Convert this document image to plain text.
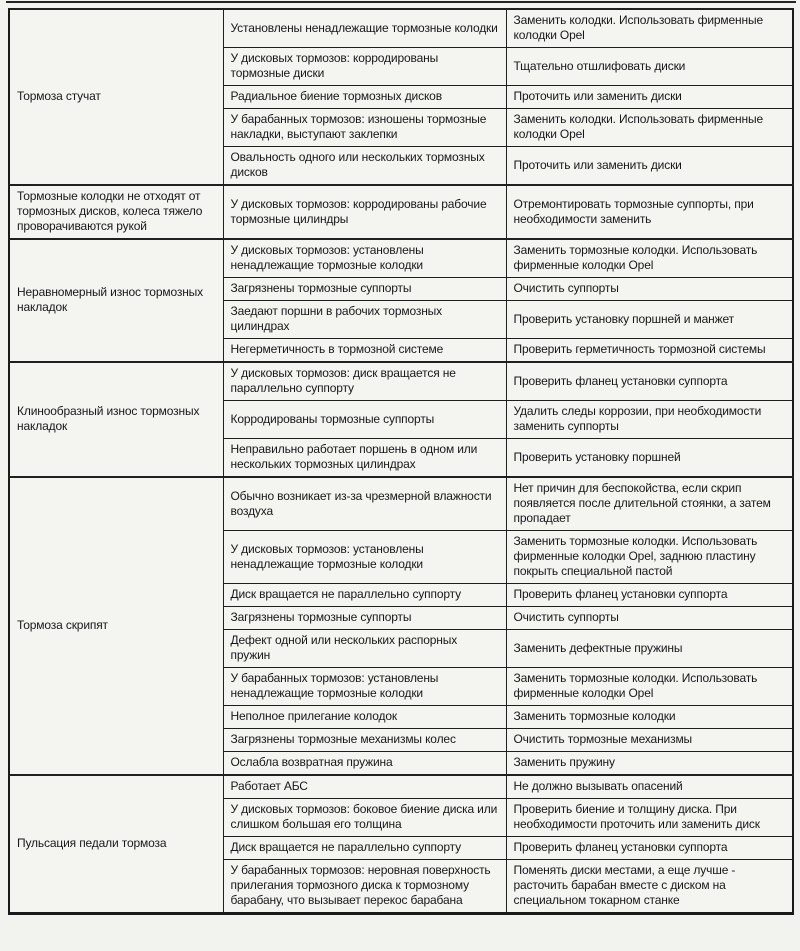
Тормоза стучат	Установлены ненадлежащие тормозные колодки	Заменить колодки. Использовать фирменные колодки Opel
	У дисковых тормозов: корродированы тормозные диски	Тщательно отшлифовать диски
	Радиальное биение тормозных дисков	Проточить или заменить диски
	У барабанных тормозов: изношены тормозные накладки, выступают заклепки	Заменить колодки. Использовать фирменные колодки Opel
	Овальность одного или нескольких тормозных дисков	Проточить или заменить диски
Тормозные колодки не отходят от тормозных дисков, колеса тяжело проворачиваются рукой	У дисковых тормозов: корродированы рабочие тормозные цилиндры	Отремонтировать тормозные суппорты, при необходимости заменить
Неравномерный износ тормозных накладок	У дисковых тормозов: установлены ненадлежащие тормозные колодки	Заменить тормозные колодки. Использовать фирменные колодки Opel
	Загрязнены тормозные суппорты	Очистить суппорты
	Заедают поршни в рабочих тормозных цилиндрах	Проверить установку поршней и манжет
	Негерметичность в тормозной системе	Проверить герметичность тормозной системы
Клинообразный износ тормозных накладок	У дисковых тормозов: диск вращается не параллельно суппорту	Проверить фланец установки суппорта
	Корродированы тормозные суппорты	Удалить следы коррозии, при необходимости заменить суппорты
	Неправильно работает поршень в одном или нескольких тормозных цилиндрах	Проверить установку поршней
Тормоза скрипят	Обычно возникает из-за чрезмерной влажности воздуха	Нет причин для беспокойства, если скрип появляется после длительной стоянки, а затем пропадает
	У дисковых тормозов: установлены ненадлежащие тормозные колодки	Заменить тормозные колодки. Использовать фирменные колодки Opel, заднюю пластину покрыть специальной пастой
	Диск вращается не параллельно суппорту	Проверить фланец установки суппорта
	Загрязнены тормозные суппорты	Очистить суппорты
	Дефект одной или нескольких распорных пружин	Заменить дефектные пружины
	У барабанных тормозов: установлены ненадлежащие тормозные колодки	Заменить тормозные колодки. Использовать фирменные колодки Opel
	Неполное прилегание колодок	Заменить тормозные колодки
	Загрязнены тормозные механизмы колес	Очистить тормозные механизмы
	Ослабла возвратная пружина	Заменить пружину
Пульсация педали тормоза	Работает АБС	Не должно вызывать опасений
	У дисковых тормозов: боковое биение диска или слишком большая его толщина	Проверить биение и толщину диска. При необходимости проточить или заменить диск
	Диск вращается не параллельно суппорту	Проверить фланец установки суппорта
	У барабанных тормозов: неровная поверхность прилегания тормозного диска к тормозному барабану, что вызывает перекос барабана	Поменять диски местами, а еще лучше - расточить барабан вместе с диском на специальном токарном станке
